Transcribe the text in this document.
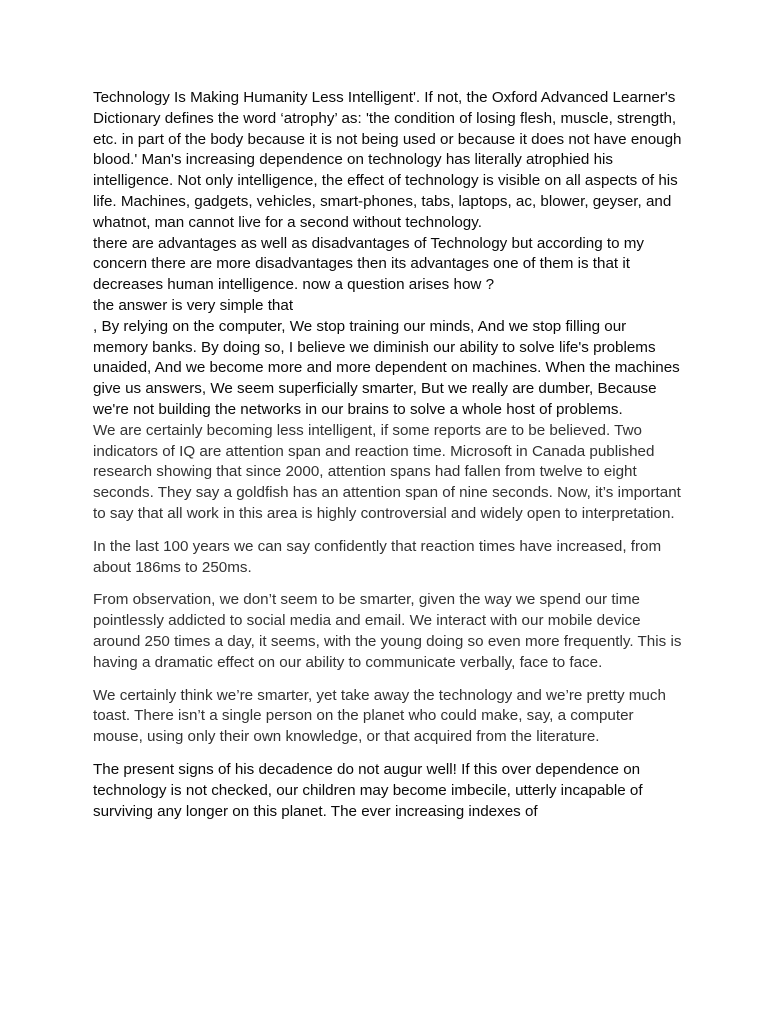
Technology Is Making Humanity Less Intelligent'. If not, the Oxford Advanced Learner's Dictionary defines the word ‘atrophy’ as: 'the condition of losing flesh, muscle, strength, etc. in part of the body because it is not being used or because it does not have enough blood.' Man's increasing dependence on technology has literally atrophied his intelligence. Not only intelligence, the effect of technology is visible on all aspects of his life. Machines, gadgets, vehicles, smart-phones, tabs, laptops, ac, blower, geyser, and whatnot, man cannot live for a second without technology.

there are advantages as well as disadvantages of Technology but according to my concern there are more disadvantages then its advantages one of them is that it decreases human intelligence. now a question arises how ?

the answer is very simple that

, By relying on the computer, We stop training our minds, And we stop filling our memory banks. By doing so, I believe we diminish our ability to solve life's problems unaided, And we become more and more dependent on machines. When the machines give us answers, We seem superficially smarter, But we really are dumber, Because we're not building the networks in our brains to solve a whole host of problems.

We are certainly becoming less intelligent, if some reports are to be believed. Two indicators of IQ are attention span and reaction time. Microsoft in Canada published research showing that since 2000, attention spans had fallen from twelve to eight seconds. They say a goldfish has an attention span of nine seconds. Now, it’s important to say that all work in this area is highly controversial and widely open to interpretation.

In the last 100 years we can say confidently that reaction times have increased, from about 186ms to 250ms.

From observation, we don’t seem to be smarter, given the way we spend our time pointlessly addicted to social media and email. We interact with our mobile device around 250 times a day, it seems, with the young doing so even more frequently. This is having a dramatic effect on our ability to communicate verbally, face to face.

We certainly think we’re smarter, yet take away the technology and we’re pretty much toast. There isn’t a single person on the planet who could make, say, a computer mouse, using only their own knowledge, or that acquired from the literature.

The present signs of his decadence do not augur well! If this over dependence on technology is not checked, our children may become imbecile, utterly incapable of surviving any longer on this planet. The ever increasing indexes of
